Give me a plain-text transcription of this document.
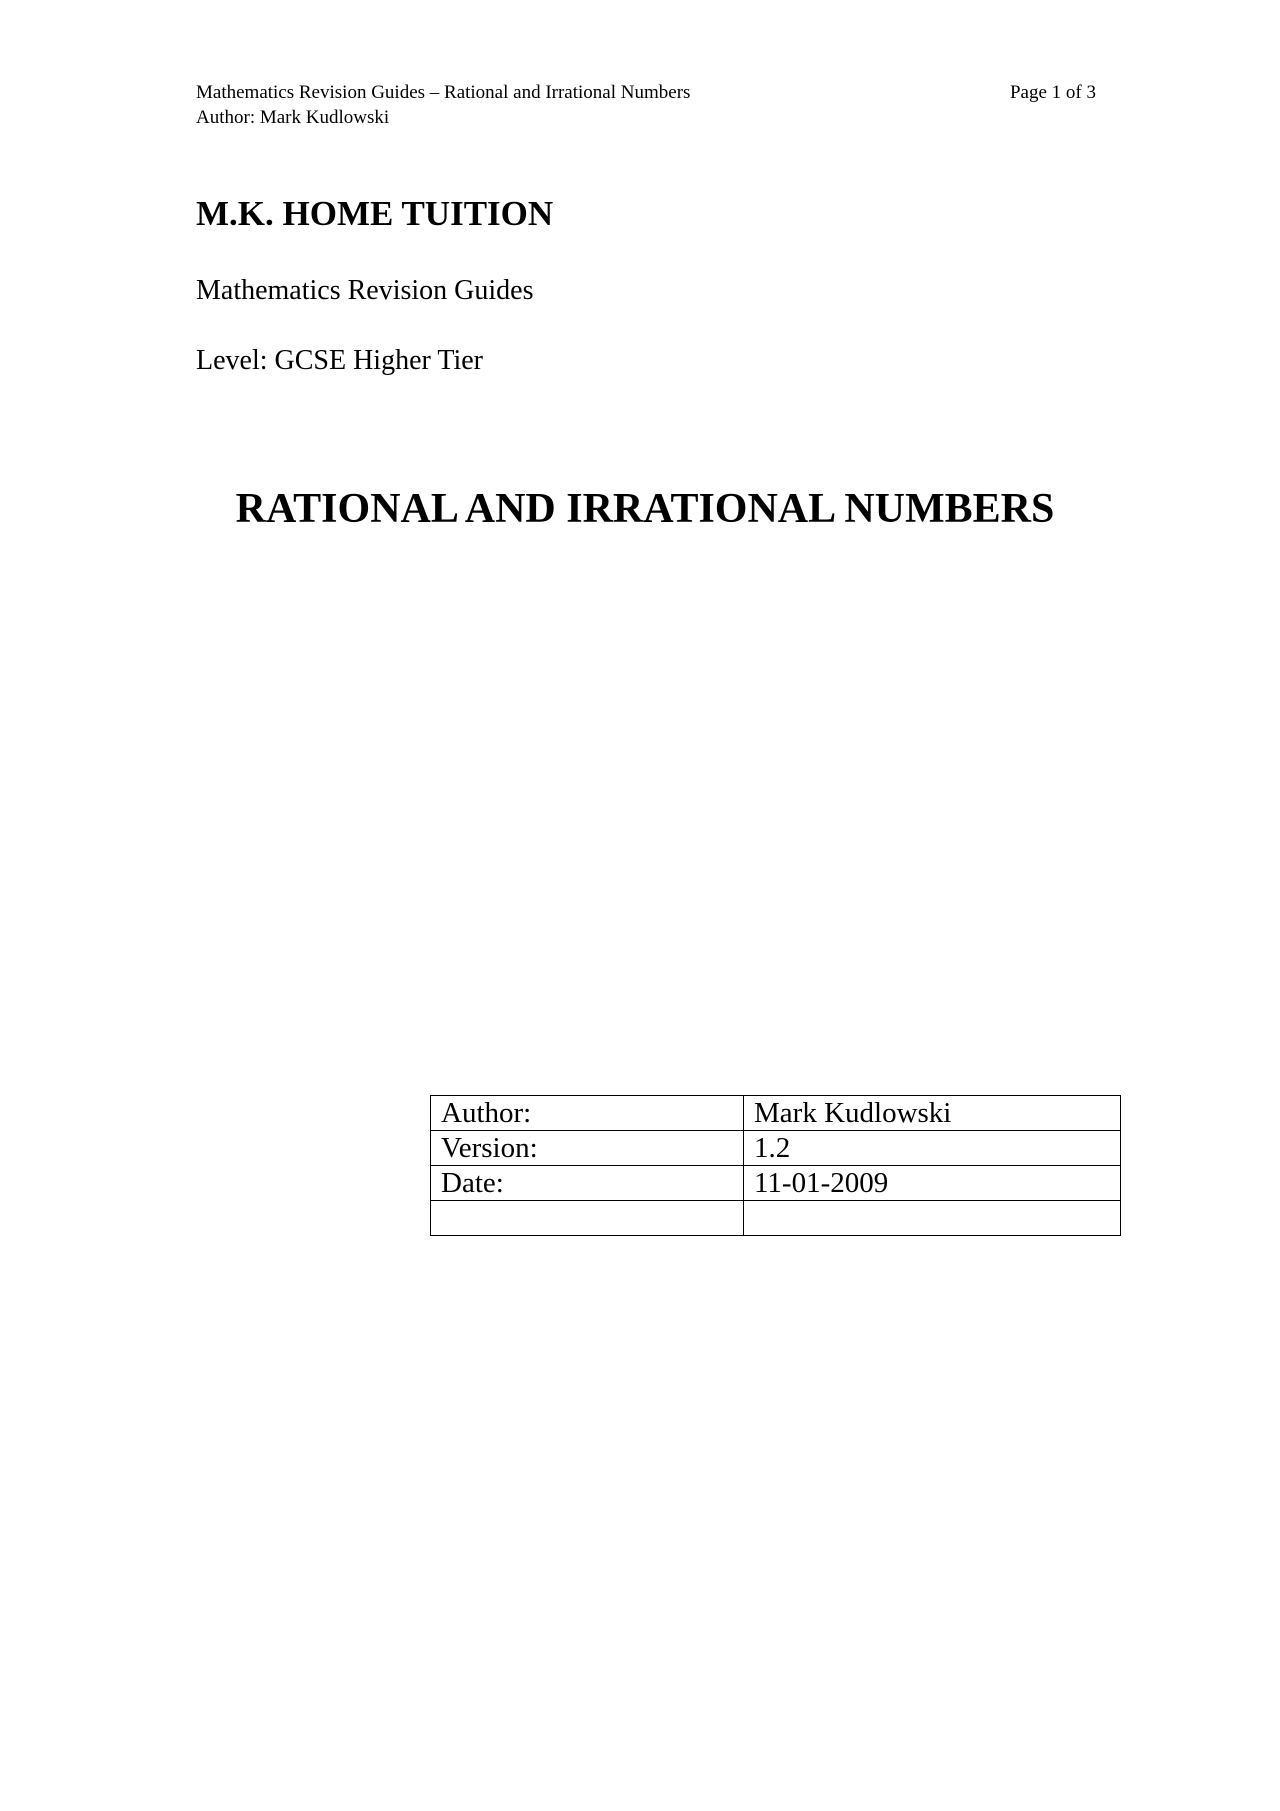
Mathematics Revision Guides – Rational and Irrational Numbers	Page 1 of 3
Author: Mark Kudlowski
M.K. HOME TUITION
Mathematics Revision Guides
Level: GCSE Higher Tier
RATIONAL AND IRRATIONAL NUMBERS
Author:	Mark Kudlowski
Version:	1.2
Date:	11-01-2009
